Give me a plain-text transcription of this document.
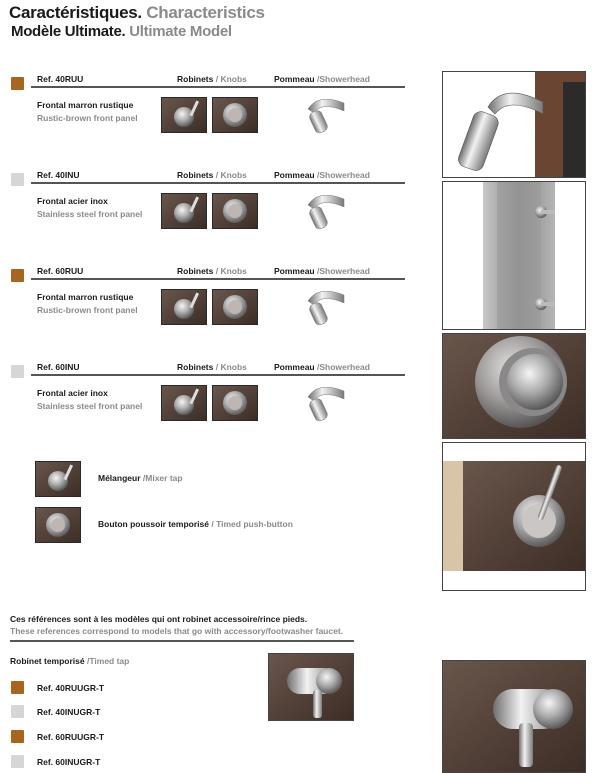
Caractéristiques. Characteristics
Modèle Ultimate. Ultimate Model
Ref. 40RUU	Robinets / Knobs	Pommeau /Showerhead
Frontal marron rustique
Rustic-brown front panel
Ref. 40INU	Robinets / Knobs	Pommeau /Showerhead
Frontal acier inox
Stainless steel front panel
Ref. 60RUU	Robinets / Knobs	Pommeau /Showerhead
Frontal marron rustique
Rustic-brown front panel
Ref. 60INU	Robinets / Knobs	Pommeau /Showerhead
Frontal acier inox
Stainless steel front panel
Mélangeur /Mixer tap
Bouton poussoir temporisé / Timed push-button
Ces références sont à les modèles qui ont robinet accessoire/rince pieds.
These references correspond to models that go with accessory/footwasher faucet.
Robinet temporisé /Timed tap
Ref. 40RUUGR-T
Ref. 40INUGR-T
Ref. 60RUUGR-T
Ref. 60INUGR-T
